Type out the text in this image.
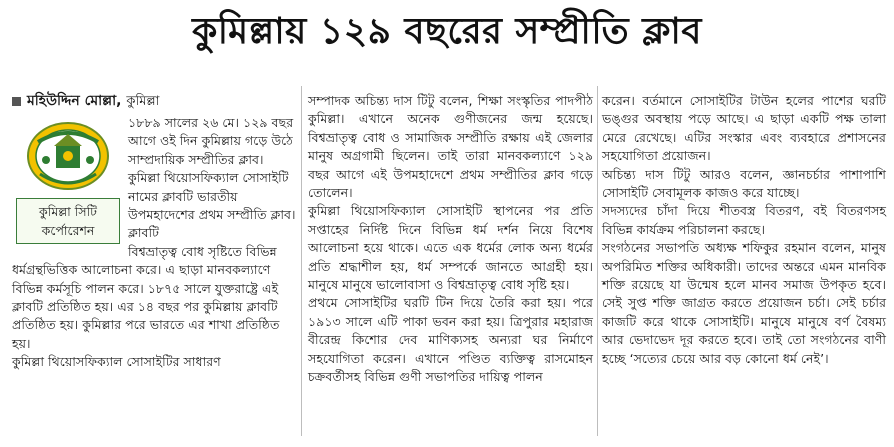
কুমিল্লায় ১২৯ বছরের সম্প্রীতি ক্লাব
মহিউদ্দিন মোল্লা, কুমিল্লা
কুমিল্লা সিটি কর্পোরেশন
১৮৮৯ সালের ২৬ মে। ১২৯ বছর আগে ওই দিন কুমিল্লায় গড়ে উঠে সাম্প্রদায়িক সম্প্রীতির ক্লাব। কুমিল্লা থিয়োসফিক্যাল সোসাইটি নামের ক্লাবটি ভারতীয় উপমহাদেশের প্রথম সম্প্রীতি ক্লাব। ক্লাবটি

বিশ্বভ্রাতৃত্ব বোধ সৃষ্টিতে বিভিন্ন ধর্মগ্রন্থভিত্তিক আলোচনা করে। এ ছাড়া মানবকল্যাণে বিভিন্ন কর্মসূচি পালন করে। ১৮৭৫ সালে যুক্তরাষ্ট্রে এই ক্লাবটি প্রতিষ্ঠিত হয়। এর ১৪ বছর পর কুমিল্লায় ক্লাবটি প্রতিষ্ঠিত হয়। কুমিল্লার পরে ভারতে এর শাখা প্রতিষ্ঠিত হয়।

কুমিল্লা থিয়োসফিক্যাল সোসাইটির সাধারণ

সম্পাদক অচিন্ত্য দাস টিটু বলেন, শিক্ষা সংস্কৃতির পাদপীঠ কুমিল্লা। এখানে অনেক গুণীজনের জন্ম হয়েছে। বিশ্বভ্রাতৃত্ব বোধ ও সামাজিক সম্প্রীতি রক্ষায় এই জেলার মানুষ অগ্রগামী ছিলেন। তাই তারা মানবকল্যাণে ১২৯ বছর আগে এই উপমহাদেশে প্রথম সম্প্রীতির ক্লাব গড়ে তোলেন।

কুমিল্লা থিয়োসফিক্যাল সোসাইটি স্থাপনের পর প্রতি সপ্তাহের নির্দিষ্ট দিনে বিভিন্ন ধর্ম দর্শন নিয়ে বিশেষ আলোচনা হয়ে থাকে। এতে এক ধর্মের লোক অন্য ধর্মের প্রতি শ্রদ্ধাশীল হয়, ধর্ম সম্পর্কে জানতে আগ্রহী হয়। মানুষে মানুষে ভালোবাসা ও বিশ্বভ্রাতৃত্ব বোধ সৃষ্টি হয়।

প্রথমে সোসাইটির ঘরটি টিন দিয়ে তৈরি করা হয়। পরে ১৯১৩ সালে এটি পাকা ভবন করা হয়। ত্রিপুরার মহারাজ বীরেন্দ্র কিশোর দেব মাণিক্যসহ অন্যরা ঘর নির্মাণে সহযোগিতা করেন। এখানে পণ্ডিত ব্যক্তিত্ব রাসমোহন চক্রবর্তীসহ বিভিন্ন গুণী সভাপতির দায়িত্ব পালন

করেন। বর্তমানে সোসাইটির টাউন হলের পাশের ঘরটি ভঙ্গুর অবস্থায় পড়ে আছে। এ ছাড়া একটি পক্ষ তালা মেরে রেখেছে। এটির সংস্কার এবং ব্যবহারে প্রশাসনের সহযোগিতা প্রয়োজন।

অচিন্ত্য দাস টিটু আরও বলেন, জ্ঞানচর্চার পাশাপাশি সোসাইটি সেবামূলক কাজও করে যাচ্ছে।

সদস্যদের চাঁদা দিয়ে শীতবস্ত্র বিতরণ, বই বিতরণসহ বিভিন্ন কার্যক্রম পরিচালনা করছে।

সংগঠনের সভাপতি অধ্যক্ষ শফিকুর রহমান বলেন, মানুষ অপরিমিত শক্তির অধিকারী। তাদের অন্তরে এমন মানবিক শক্তি রয়েছে যা উন্মেষ হলে মানব সমাজ উপকৃত হবে। সেই সুপ্ত শক্তি জাগ্রত করতে প্রয়োজন চর্চা। সেই চর্চার কাজটি করে থাকে সোসাইটি। মানুষে মানুষে বর্ণ বৈষম্য আর ভেদাভেদ দূর করতে হবে। তাই তো সংগঠনের বাণী হচ্ছে ‘সত্যের চেয়ে আর বড় কোনো ধর্ম নেই’।
